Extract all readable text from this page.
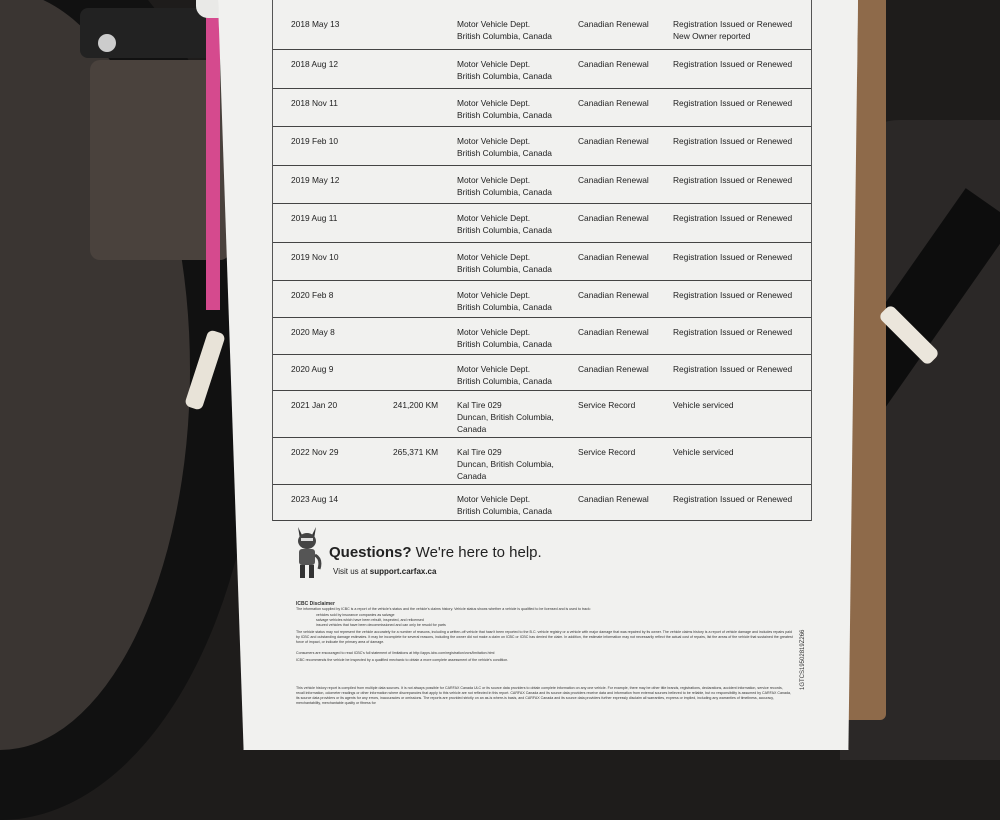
2018 May 13	Motor Vehicle Dept.
British Columbia, Canada
Canadian Renewal	Registration Issued or Renewed
New Owner reported
2018 Aug 12	Motor Vehicle Dept.
British Columbia, Canada
Canadian Renewal	Registration Issued or Renewed
2018 Nov 11	Motor Vehicle Dept.
British Columbia, Canada
Canadian Renewal	Registration Issued or Renewed
2019 Feb 10	Motor Vehicle Dept.
British Columbia, Canada
Canadian Renewal	Registration Issued or Renewed
2019 May 12	Motor Vehicle Dept.
British Columbia, Canada
Canadian Renewal	Registration Issued or Renewed
2019 Aug 11	Motor Vehicle Dept.
British Columbia, Canada
Canadian Renewal	Registration Issued or Renewed
2019 Nov 10	Motor Vehicle Dept.
British Columbia, Canada
Canadian Renewal	Registration Issued or Renewed
2020 Feb 8	Motor Vehicle Dept.
British Columbia, Canada
Canadian Renewal	Registration Issued or Renewed
2020 May 8	Motor Vehicle Dept.
British Columbia, Canada
Canadian Renewal	Registration Issued or Renewed
2020 Aug 9	Motor Vehicle Dept.
British Columbia, Canada
Canadian Renewal	Registration Issued or Renewed
2021 Jan 20	241,200 KM Kal Tire 029
Duncan, British Columbia,
Canada
Service Record	Vehicle serviced
2022 Nov 29	265,371 KM Kal Tire 029
Duncan, British Columbia,
Canada
Service Record	Vehicle serviced
2023 Aug 14	Motor Vehicle Dept.
British Columbia, Canada
Canadian Renewal	Registration Issued or Renewed
Questions? We're here to help.
Visit us at support.carfax.ca
ICBC Disclaimer
The information supplied by ICBC is a report of the vehicle's status and the vehicle's claims history. Vehicle status shows whether a vehicle is qualified to be licensed and is used to track:
vehicles sold by insurance companies as salvage
salvage vehicles which have been rebuilt, inspected, and relicensed
insured vehicles that have been decommissioned and can only be resold for parts
The vehicle status may not represent the vehicle accurately for a number of reasons, including a written-off vehicle that hasn't been reported to the B.C. vehicle registry or a vehicle with major damage that was repaired by its owner. The vehicle claims history is a report of vehicle damage and includes repairs paid by ICBC and outstanding damage estimates. It may be incomplete for several reasons, including the owner did not make a claim on ICBC or ICBC has denied the claim. In addition, the estimate information may not necessarily reflect the actual cost of repairs, list the areas of the vehicle that sustained the greatest force of impact, or indicate the primary area of damage.
Consumers are encouraged to read ICBC's full statement of limitations at http://apps.icbc.com/registration/vcrs/limitation.html
ICBC recommends the vehicle be inspected by a qualified mechanic to obtain a more complete assessment of the vehicle's condition.
This vehicle history report is compiled from multiple data sources. It is not always possible for CARFAX Canada ULC or its source data providers to obtain complete information on any one vehicle. For example, there may be other title brands, registrations, declarations, accident information, service records, recall information, odometer readings or other information where discrepancies that apply to this vehicle are not reflected in this report. CARFAX Canada and its source data providers receive data and information from external sources believed to be reliable, but no responsibility is assumed by CARFAX Canada, its source data providers or its agents for any errors, inaccuracies or omissions. The reports are provided strictly on an as-is where-is basis, and CARFAX Canada and its source data providers further expressly disclaim all warranties, express or implied, including any warranties of timeliness, accuracy, merchantability, merchantable quality or fitness for
1GTCS19502819Z266
